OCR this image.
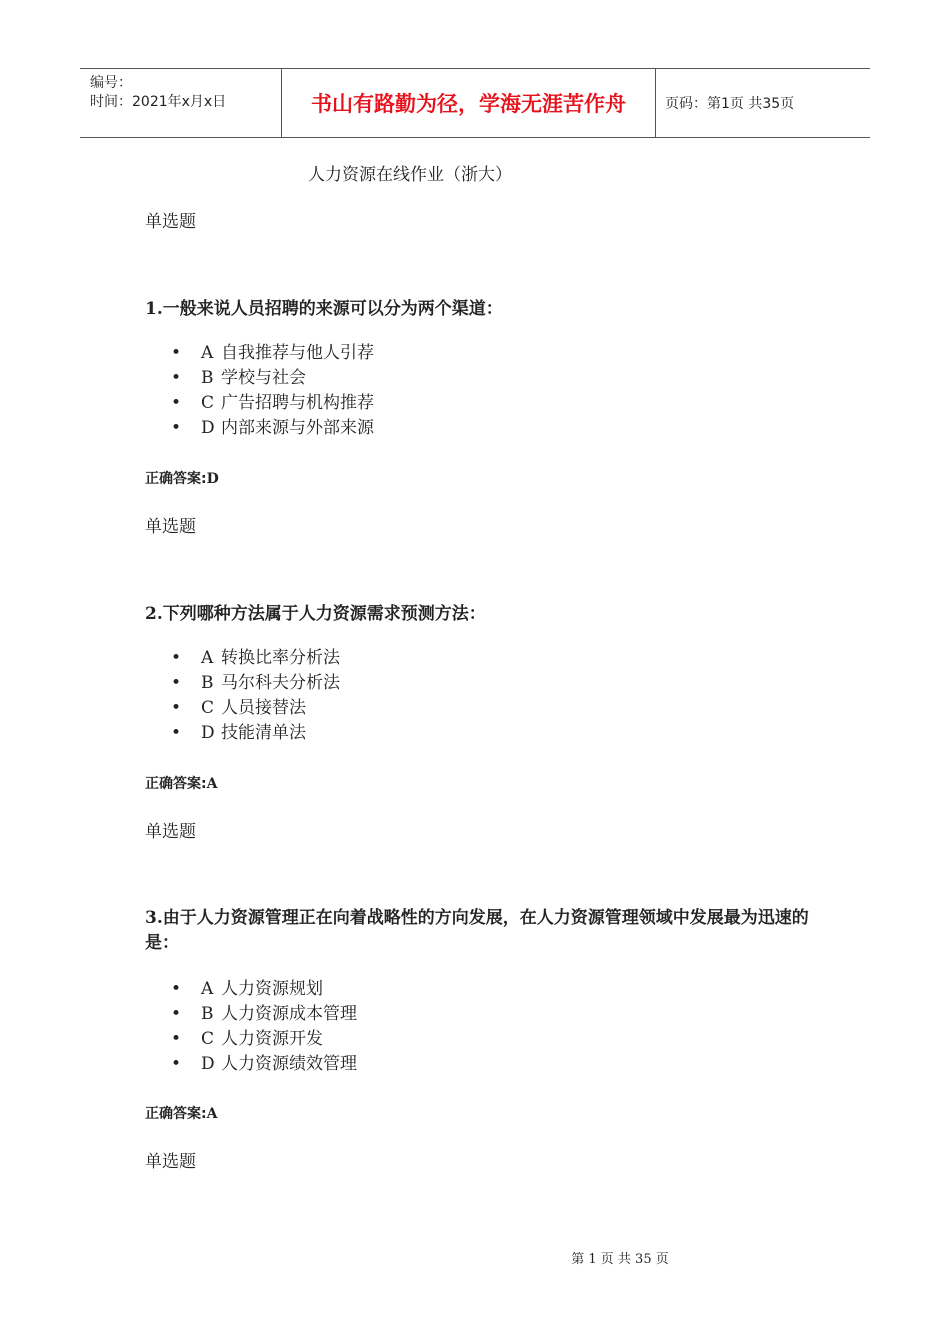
编号：
时间：2021年x月x日	书山有路勤为径，学海无涯苦作舟	页码：第1页 共35页
人力资源在线作业（浙大）
单选题
1.一般来说人员招聘的来源可以分为两个渠道：
• A 自我推荐与他人引荐
• B 学校与社会
• C 广告招聘与机构推荐
• D 内部来源与外部来源
正确答案:D
单选题
2.下列哪种方法属于人力资源需求预测方法：
• A 转换比率分析法
• B 马尔科夫分析法
• C 人员接替法
• D 技能清单法
正确答案:A
单选题
3.由于人力资源管理正在向着战略性的方向发展，在人力资源管理领域中发展最为迅速的是：
• A 人力资源规划
• B 人力资源成本管理
• C 人力资源开发
• D 人力资源绩效管理
正确答案:A
单选题
第 1 页 共 35 页
